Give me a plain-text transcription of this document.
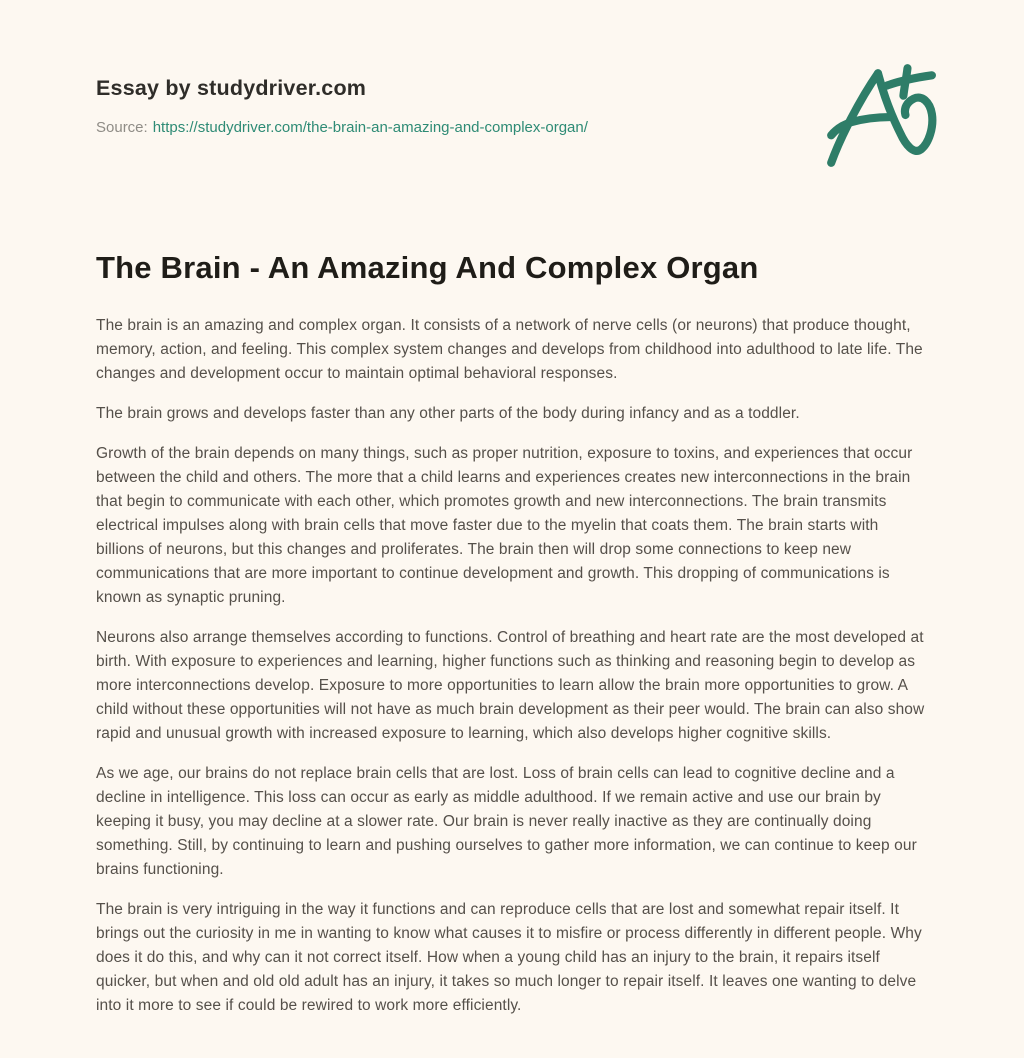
Essay by studydriver.com
Source: https://studydriver.com/the-brain-an-amazing-and-complex-organ/
The Brain - An Amazing And Complex Organ

The brain is an amazing and complex organ. It consists of a network of nerve cells (or neurons) that produce thought, memory, action, and feeling. This complex system changes and develops from childhood into adulthood to late life. The changes and development occur to maintain optimal behavioral responses.

The brain grows and develops faster than any other parts of the body during infancy and as a toddler.

Growth of the brain depends on many things, such as proper nutrition, exposure to toxins, and experiences that occur between the child and others. The more that a child learns and experiences creates new interconnections in the brain that begin to communicate with each other, which promotes growth and new interconnections. The brain transmits electrical impulses along with brain cells that move faster due to the myelin that coats them. The brain starts with billions of neurons, but this changes and proliferates. The brain then will drop some connections to keep new communications that are more important to continue development and growth. This dropping of communications is known as synaptic pruning.

Neurons also arrange themselves according to functions. Control of breathing and heart rate are the most developed at birth. With exposure to experiences and learning, higher functions such as thinking and reasoning begin to develop as more interconnections develop. Exposure to more opportunities to learn allow the brain more opportunities to grow. A child without these opportunities will not have as much brain development as their peer would. The brain can also show rapid and unusual growth with increased exposure to learning, which also develops higher cognitive skills.

As we age, our brains do not replace brain cells that are lost. Loss of brain cells can lead to cognitive decline and a decline in intelligence. This loss can occur as early as middle adulthood. If we remain active and use our brain by keeping it busy, you may decline at a slower rate. Our brain is never really inactive as they are continually doing something. Still, by continuing to learn and pushing ourselves to gather more information, we can continue to keep our brains functioning.

The brain is very intriguing in the way it functions and can reproduce cells that are lost and somewhat repair itself. It brings out the curiosity in me in wanting to know what causes it to misfire or process differently in different people. Why does it do this, and why can it not correct itself. How when a young child has an injury to the brain, it repairs itself quicker, but when and old old adult has an injury, it takes so much longer to repair itself. It leaves one wanting to delve into it more to see if could be rewired to work more efficiently.
